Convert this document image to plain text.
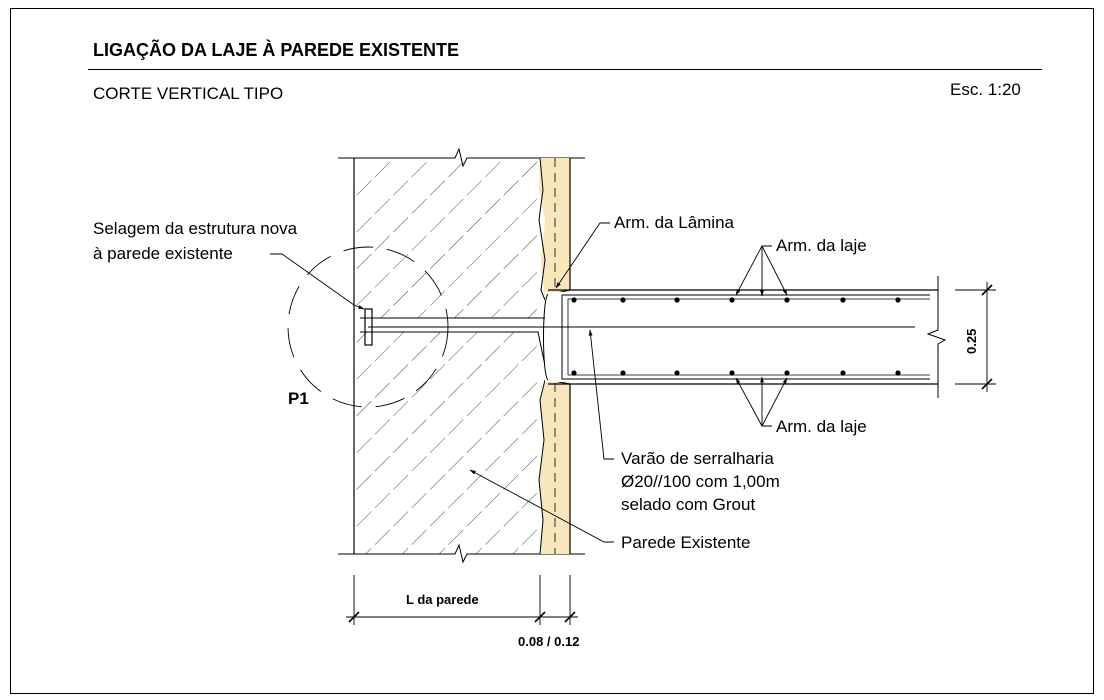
LIGAÇÃO DA LAJE À PAREDE EXISTENTE
CORTE VERTICAL TIPO	Esc. 1:20
Selagem da estrutura nova
à parede existente
Arm. da Lâmina
Arm. da laje
Arm. da laje
Varão de serralharia
Ø20//100 com 1,00m
selado com Grout
Parede Existente
P1
L da parede
0.08 / 0.12
0.25
